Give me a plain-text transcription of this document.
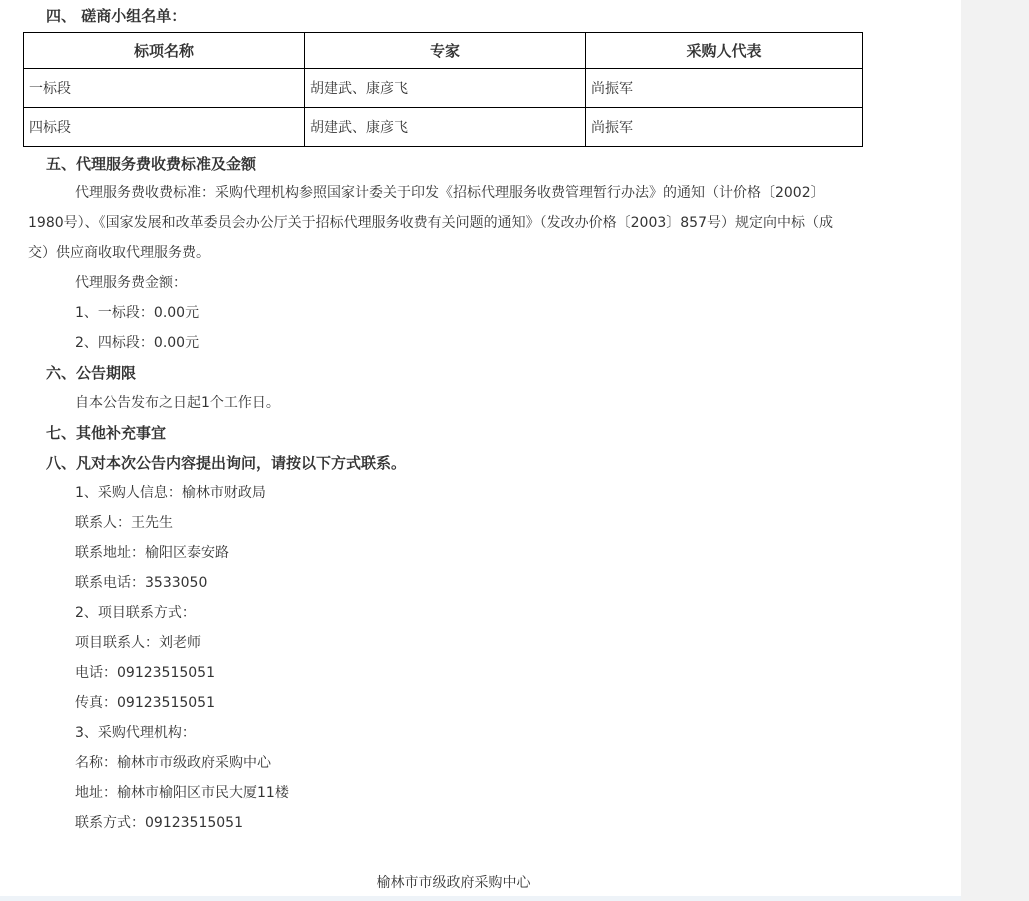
四、 磋商小组名单：
标项名称	专家	采购人代表
一标段	胡建武、康彦飞	尚振军
四标段	胡建武、康彦飞	尚振军
五、代理服务费收费标准及金额
代理服务费收费标准：采购代理机构参照国家计委关于印发《招标代理服务收费管理暂行办法》的通知（计价格〔2002〕1980号）、《国家发展和改革委员会办公厅关于招标代理服务收费有关问题的通知》（发改办价格〔2003〕857号）规定向中标（成交）供应商收取代理服务费。
代理服务费金额：
1、一标段：0.00元
2、四标段：0.00元
六、公告期限
自本公告发布之日起1个工作日。
七、其他补充事宜
八、凡对本次公告内容提出询问，请按以下方式联系。
1、采购人信息：榆林市财政局
联系人：王先生
联系地址：榆阳区泰安路
联系电话：3533050
2、项目联系方式：
项目联系人：刘老师
电话：09123515051
传真：09123515051
3、采购代理机构：
名称：榆林市市级政府采购中心
地址：榆林市榆阳区市民大厦11楼
联系方式：09123515051
榆林市市级政府采购中心
